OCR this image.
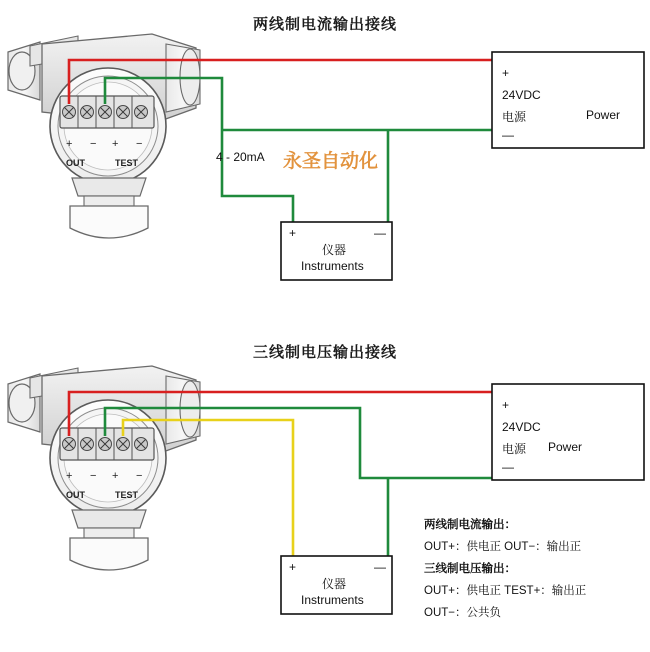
两线制电流输出接线
三线制电压输出接线
+ − + −
OUT	TEST
+ − + −
OUT	TEST
+
24VDC
电源	Power
—
+	—
仪器
Instruments
+	—
仪器
Instruments
+
24VDC
电源 Power
—
4 - 20mA 永圣自动化
两线制电流输出：
OUT+：供电正 OUT−：输出正
三线制电压输出：
OUT+：供电正 TEST+：输出正
OUT−：公共负
